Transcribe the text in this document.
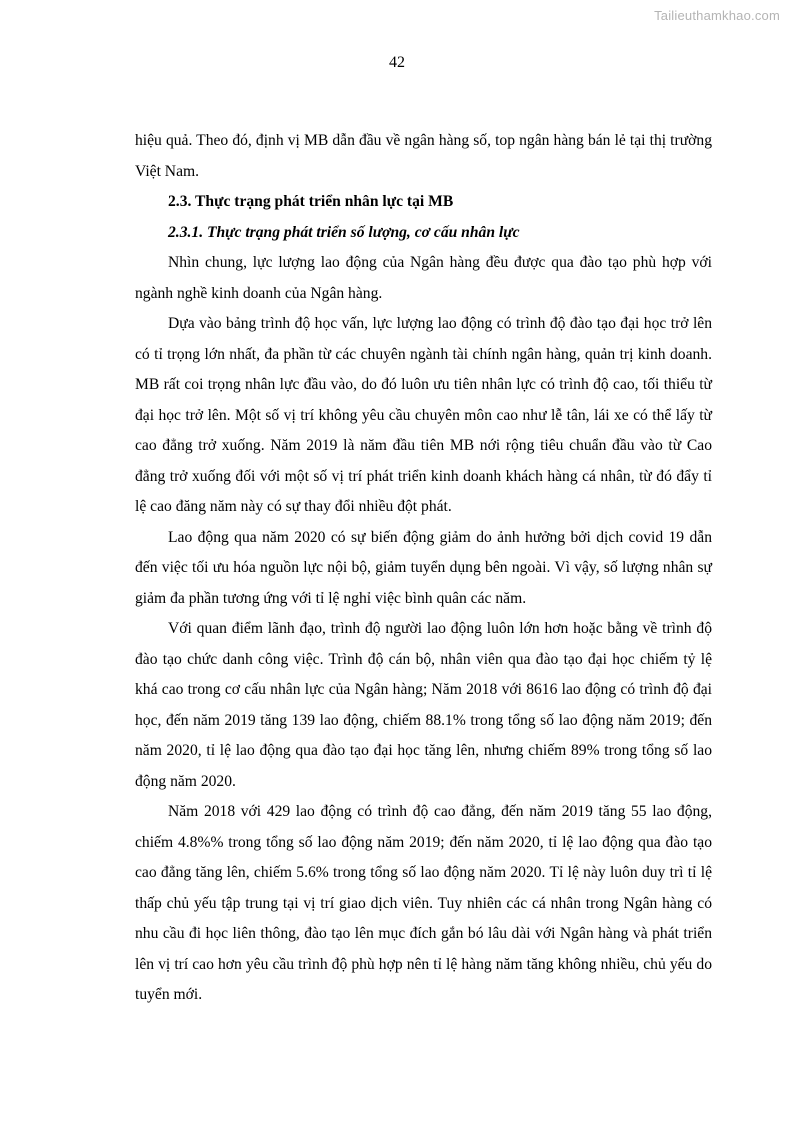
Tailieuthamkhao.com
42

hiệu quả. Theo đó, định vị MB dẫn đầu về ngân hàng số, top ngân hàng bán lẻ tại thị trường Việt Nam.

2.3. Thực trạng phát triển nhân lực tại MB

2.3.1. Thực trạng phát triển số lượng, cơ cấu nhân lực

Nhìn chung, lực lượng lao động của Ngân hàng đều được qua đào tạo phù hợp với ngành nghề kinh doanh của Ngân hàng.

Dựa vào bảng trình độ học vấn, lực lượng lao động có trình độ đào tạo đại học trở lên có tỉ trọng lớn nhất, đa phần từ các chuyên ngành tài chính ngân hàng, quản trị kinh doanh. MB rất coi trọng nhân lực đầu vào, do đó luôn ưu tiên nhân lực có trình độ cao, tối thiểu từ đại học trở lên. Một số vị trí không yêu cầu chuyên môn cao như lễ tân, lái xe có thể lấy từ cao đẳng trở xuống. Năm 2019 là năm đầu tiên MB nới rộng tiêu chuẩn đầu vào từ Cao đẳng trở xuống đối với một số vị trí phát triển kinh doanh khách hàng cá nhân, từ đó đẩy tỉ lệ cao đăng năm này có sự thay đổi nhiều đột phát.

Lao động qua năm 2020 có sự biến động giảm do ảnh hưởng bởi dịch covid 19 dẫn đến việc tối ưu hóa nguồn lực nội bộ, giảm tuyển dụng bên ngoài. Vì vậy, số lượng nhân sự giảm đa phần tương ứng với tỉ lệ nghỉ việc bình quân các năm.

Với quan điểm lãnh đạo, trình độ người lao động luôn lớn hơn hoặc bằng về trình độ đào tạo chức danh công việc. Trình độ cán bộ, nhân viên qua đào tạo đại học chiếm tỷ lệ khá cao trong cơ cấu nhân lực của Ngân hàng; Năm 2018 với 8616 lao động có trình độ đại học, đến năm 2019 tăng 139 lao động, chiếm 88.1% trong tổng số lao động năm 2019; đến năm 2020, tỉ lệ lao động qua đào tạo đại học tăng lên, nhưng chiếm 89% trong tổng số lao động năm 2020.

Năm 2018 với 429 lao động có trình độ cao đẳng, đến năm 2019 tăng 55 lao động, chiếm 4.8%% trong tổng số lao động năm 2019; đến năm 2020, tỉ lệ lao động qua đào tạo cao đẳng tăng lên, chiếm 5.6% trong tổng số lao động năm 2020. Tỉ lệ này luôn duy trì tỉ lệ thấp chủ yếu tập trung tại vị trí giao dịch viên. Tuy nhiên các cá nhân trong Ngân hàng có nhu cầu đi học liên thông, đào tạo lên mục đích gắn bó lâu dài với Ngân hàng và phát triển lên vị trí cao hơn yêu cầu trình độ phù hợp nên tỉ lệ hàng năm tăng không nhiều, chủ yếu do tuyển mới.
